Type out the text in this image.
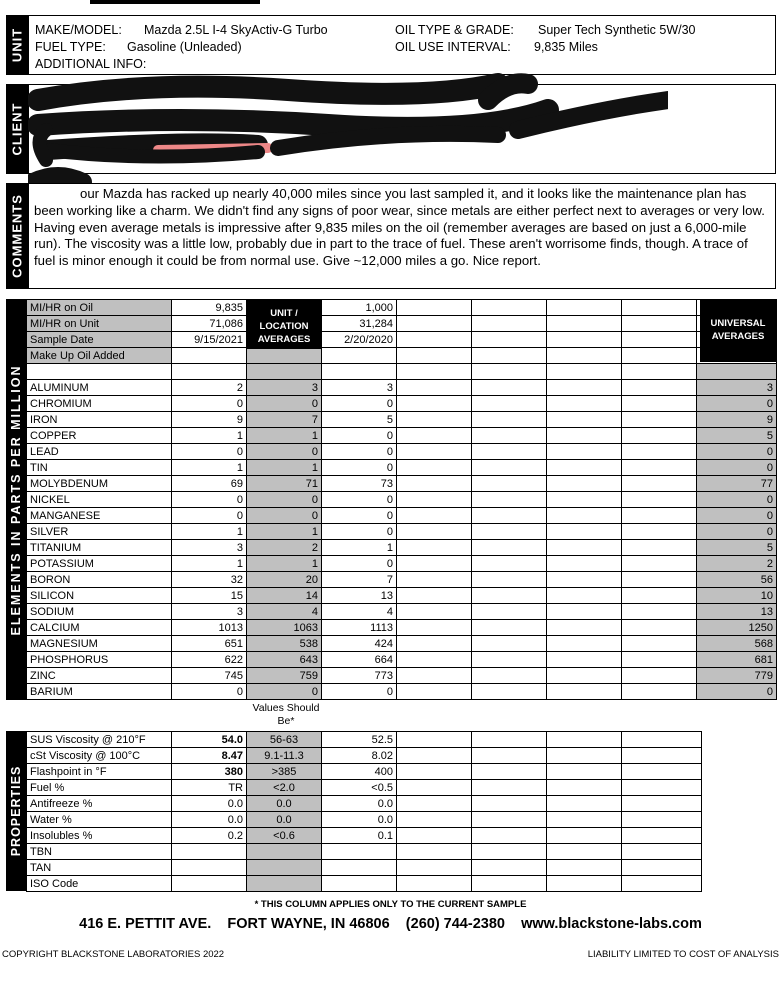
UNIT MAKE/MODEL: Mazda 2.5L I-4 SkyActiv-G Turbo
FUEL TYPE: Gasoline (Unleaded)
ADDITIONAL INFO:
OIL TYPE & GRADE: Super Tech Synthetic 5W/30
OIL USE INTERVAL: 9,835 Miles
CLIENT
COMMENTS
our Mazda has racked up nearly 40,000 miles since you last sampled it, and it looks like the maintenance plan has been working like a charm. We didn't find any signs of poor wear, since metals are either perfect next to averages or very low. Having even average metals is impressive after 9,835 miles on the oil (remember averages are based on just a 6,000-mile run). The viscosity was a little low, probably due in part to the trace of fuel. These aren't worrisome finds, though. A trace of fuel is minor enough it could be from normal use. Give ~12,000 miles a go. Nice report.
ELEMENTS IN PARTS PER MILLION
MI/HR on Oil	9,835		1,000					
MI/HR on Unit	71,086		31,284					
Sample Date	9/15/2021		2/20/2020					
Make Up Oil Added								

ALUMINUM	2	3	3					3
CHROMIUM	0	0	0					0
IRON	9	7	5					9
COPPER	1	1	0					5
LEAD	0	0	0					0
TIN	1	1	0					0
MOLYBDENUM	69	71	73					77
NICKEL	0	0	0					0
MANGANESE	0	0	0					0
SILVER	1	1	0					0
TITANIUM	3	2	1					5
POTASSIUM	1	1	0					2
BORON	32	20	7					56
SILICON	15	14	13					10
SODIUM	3	4	4					13
CALCIUM	1013	1063	1113					1250
MAGNESIUM	651	538	424					568
PHOSPHORUS	622	643	664					681
ZINC	745	759	773					779
BARIUM	0	0	0					0
UNIT / LOCATION AVERAGES
UNIVERSAL AVERAGES
Values Should Be*
PROPERTIES
SUS Viscosity @ 210°F	54.0	56-63	52.5				
cSt Viscosity @ 100°C	8.47	9.1-11.3	8.02				
Flashpoint in °F	380	>385	400				
Fuel %	TR	<2.0	<0.5				
Antifreeze %	0.0	0.0	0.0				
Water %	0.0	0.0	0.0				
Insolubles %	0.2	<0.6	0.1				
TBN							
TAN							
ISO Code							
* THIS COLUMN APPLIES ONLY TO THE CURRENT SAMPLE
416 E. PETTIT AVE. FORT WAYNE, IN 46806 (260) 744-2380 www.blackstone-labs.com
COPYRIGHT BLACKSTONE LABORATORIES 2022	LIABILITY LIMITED TO COST OF ANALYSIS
